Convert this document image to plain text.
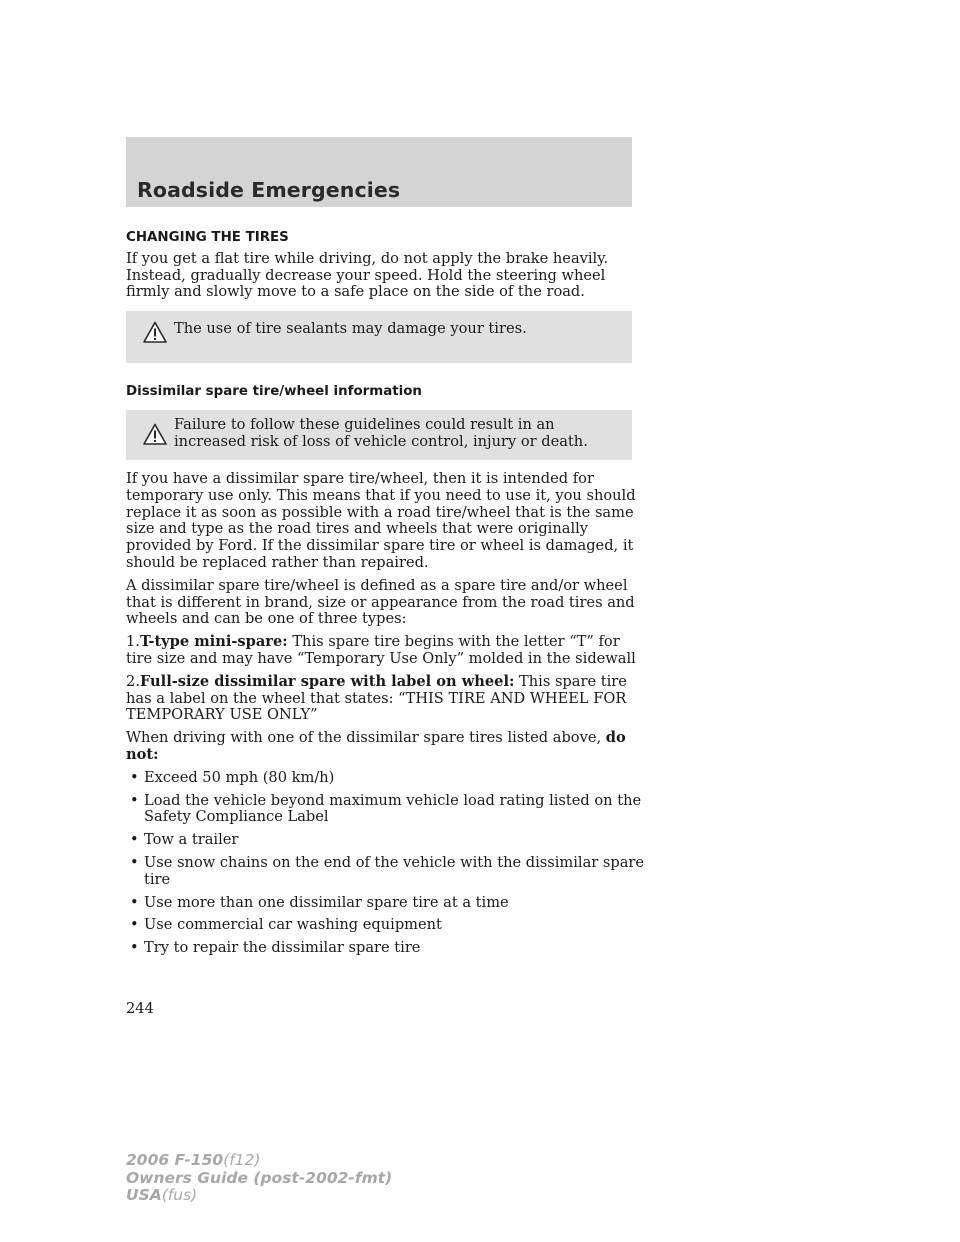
Roadside Emergencies
CHANGING THE TIRES

If you get a flat tire while driving, do not apply the brake heavily. Instead, gradually decrease your speed. Hold the steering wheel firmly and slowly move to a safe place on the side of the road.

The use of tire sealants may damage your tires.

Dissimilar spare tire/wheel information

Failure to follow these guidelines could result in an increased risk of loss of vehicle control, injury or death.

If you have a dissimilar spare tire/wheel, then it is intended for temporary use only. This means that if you need to use it, you should replace it as soon as possible with a road tire/wheel that is the same size and type as the road tires and wheels that were originally provided by Ford. If the dissimilar spare tire or wheel is damaged, it should be replaced rather than repaired.

A dissimilar spare tire/wheel is defined as a spare tire and/or wheel that is different in brand, size or appearance from the road tires and wheels and can be one of three types:

1.T-type mini-spare: This spare tire begins with the letter “T” for tire size and may have “Temporary Use Only” molded in the sidewall

2.Full-size dissimilar spare with label on wheel: This spare tire has a label on the wheel that states: “THIS TIRE AND WHEEL FOR TEMPORARY USE ONLY”

When driving with one of the dissimilar spare tires listed above, do not:

• Exceed 50 mph (80 km/h)
• Load the vehicle beyond maximum vehicle load rating listed on the Safety Compliance Label
• Tow a trailer
• Use snow chains on the end of the vehicle with the dissimilar spare tire
• Use more than one dissimilar spare tire at a time
• Use commercial car washing equipment
• Try to repair the dissimilar spare tire
244
2006 F-150(f12)
Owners Guide (post-2002-fmt)
USA(fus)
